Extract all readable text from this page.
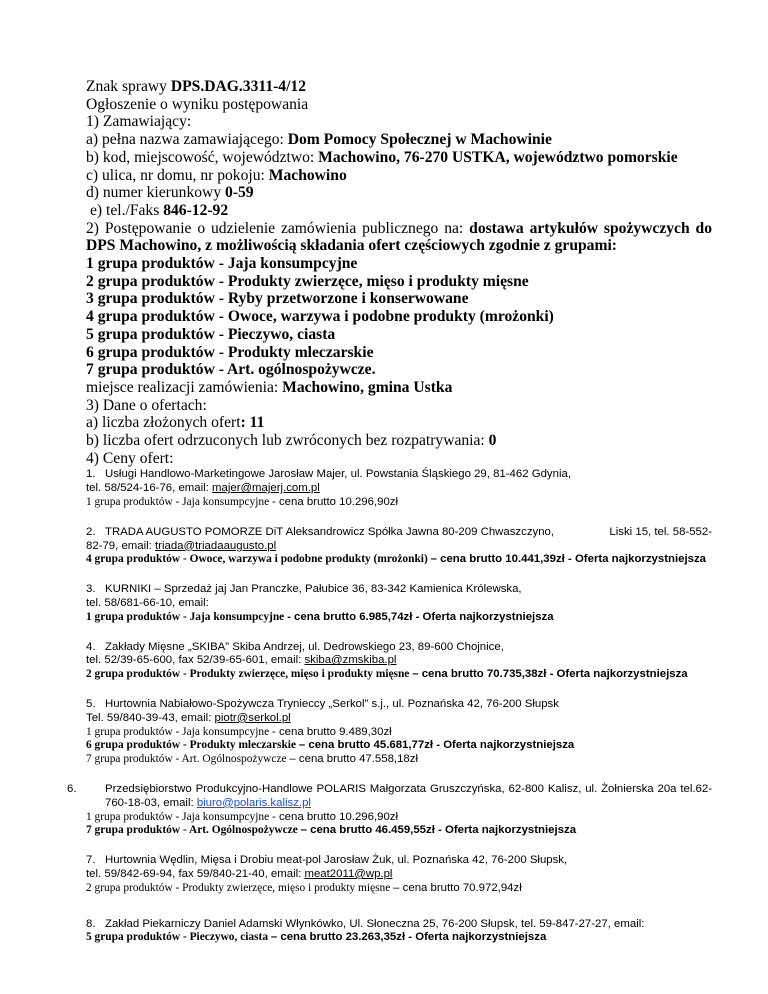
Znak sprawy DPS.DAG.3311-4/12
Ogłoszenie o wyniku postępowania
1) Zamawiający:
a) pełna nazwa zamawiającego: Dom Pomocy Społecznej w Machowinie
b) kod, miejscowość, województwo: Machowino, 76-270 USTKA, województwo pomorskie
c) ulica, nr domu, nr pokoju: Machowino
d) numer kierunkowy 0-59
e) tel./Faks 846-12-92
2) Postępowanie o udzielenie zamówienia publicznego na: dostawa artykułów spożywczych do DPS Machowino, z możliwością składania ofert częściowych zgodnie z grupami:
1 grupa produktów - Jaja konsumpcyjne
2 grupa produktów - Produkty zwierzęce, mięso i produkty mięsne
3 grupa produktów - Ryby przetworzone i konserwowane
4 grupa produktów - Owoce, warzywa i podobne produkty (mrożonki)
5 grupa produktów - Pieczywo, ciasta
6 grupa produktów - Produkty mleczarskie
7 grupa produktów - Art. ogólnospożywcze.
miejsce realizacji zamówienia: Machowino, gmina Ustka
3) Dane o ofertach:
a) liczba złożonych ofert: 11
b) liczba ofert odrzuconych lub zwróconych bez rozpatrywania: 0
4) Ceny ofert:
1. Usługi Handlowo-Marketingowe Jarosław Majer, ul. Powstania Śląskiego 29, 81-462 Gdynia,
tel. 58/524-16-76, email: majer@majerj.com.pl
1 grupa produktów - Jaja konsumpcyjne - cena brutto 10.296,90zł
2. TRADA AUGUSTO POMORZE DiT Aleksandrowicz Spółka Jawna 80-209 Chwaszczyno,	Liski 15, tel. 58-552-
82-79, email: triada@triadaaugusto.pl
4 grupa produktów - Owoce, warzywa i podobne produkty (mrożonki) – cena brutto 10.441,39zł - Oferta najkorzystniejsza
3. KURNIKI – Sprzedaż jaj Jan Pranczke, Pałubice 36, 83-342 Kamienica Królewska,
tel. 58/681-66-10, email:
1 grupa produktów - Jaja konsumpcyjne - cena brutto 6.985,74zł - Oferta najkorzystniejsza
4. Zakłady Mięsne „SKIBA” Skiba Andrzej, ul. Dedrowskiego 23, 89-600 Chojnice,
tel. 52/39-65-600, fax 52/39-65-601, email: skiba@zmskiba.pl
2 grupa produktów - Produkty zwierzęce, mięso i produkty mięsne – cena brutto 70.735,38zł - Oferta najkorzystniejsza
5. Hurtownia Nabiałowo-Spożywcza Trynieccy „Serkol” s.j., ul. Poznańska 42, 76-200 Słupsk
Tel. 59/840-39-43, email: piotr@serkol.pl
1 grupa produktów - Jaja konsumpcyjne - cena brutto 9.489,30zł
6 grupa produktów - Produkty mleczarskie – cena brutto 45.681,77zł - Oferta najkorzystniejsza
7 grupa produktów - Art. Ogólnospożywcze – cena brutto 47.558,18zł
6.	Przedsiębiorstwo Produkcyjno-Handlowe POLARIS Małgorzata Gruszczyńska, 62-800 Kalisz, ul. Żołnierska 20a tel.62-760-18-03, email: biuro@polaris.kalisz.pl
1 grupa produktów - Jaja konsumpcyjne - cena brutto 10.296,90zł
7 grupa produktów - Art. Ogólnospożywcze – cena brutto 46.459,55zł - Oferta najkorzystniejsza
7. Hurtownia Wędlin, Mięsa i Drobiu meat-pol Jarosław Żuk, ul. Poznańska 42, 76-200 Słupsk,
tel. 59/842-69-94, fax 59/840-21-40, email: meat2011@wp.pl
2 grupa produktów - Produkty zwierzęce, mięso i produkty mięsne – cena brutto 70.972,94zł
8. Zakład Piekarniczy Daniel Adamski Włynkówko, Ul. Słoneczna 25, 76-200 Słupsk, tel. 59-847-27-27, email:
5 grupa produktów - Pieczywo, ciasta – cena brutto 23.263,35zł - Oferta najkorzystniejsza
